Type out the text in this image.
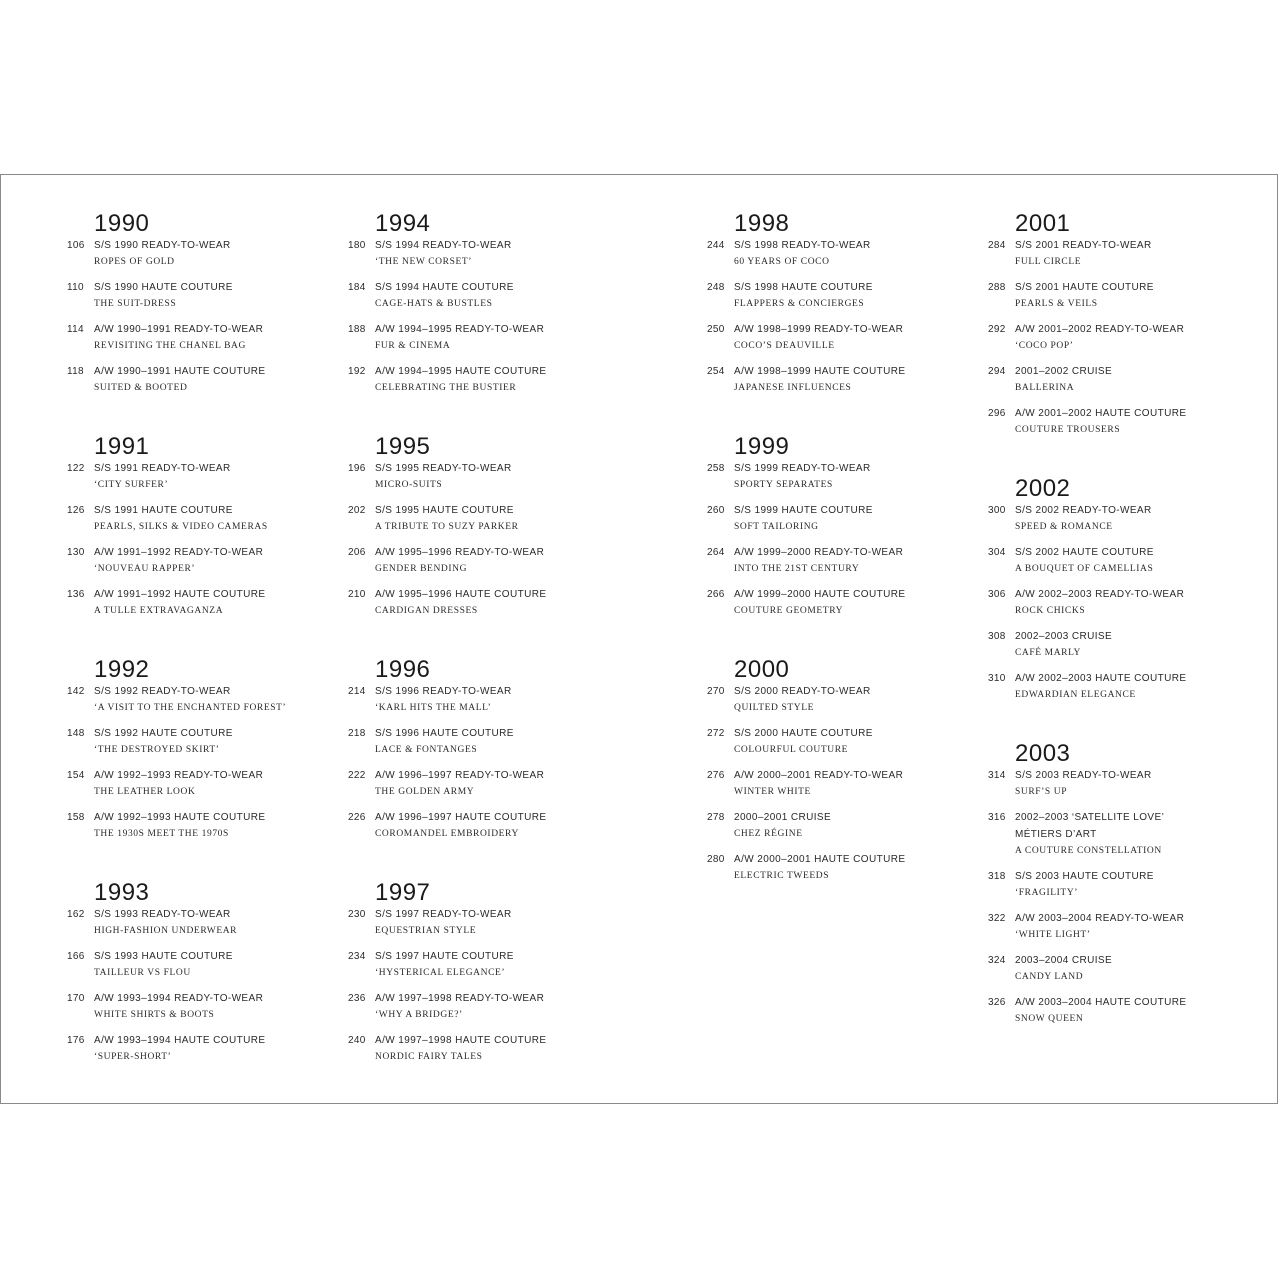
1990
106 S/S 1990 READY-TO-WEAR
ROPES OF GOLD
110	S/S 1990 HAUTE COUTURE
THE SUIT-DRESS
114	A/W 1990–1991 READY-TO-WEAR
REVISITING THE CHANEL BAG
118	A/W 1990–1991 HAUTE COUTURE
SUITED & BOOTED
1991
122 S/S 1991 READY-TO-WEAR
‘CITY SURFER’
126 S/S 1991 HAUTE COUTURE
PEARLS, SILKS & VIDEO CAMERAS
130 A/W 1991–1992 READY-TO-WEAR
‘NOUVEAU RAPPER’
136 A/W 1991–1992 HAUTE COUTURE
A TULLE EXTRAVAGANZA
1992
142 S/S 1992 READY-TO-WEAR
‘A VISIT TO THE ENCHANTED FOREST’
148 S/S 1992 HAUTE COUTURE
‘THE DESTROYED SKIRT’
154 A/W 1992–1993 READY-TO-WEAR
THE LEATHER LOOK
158 A/W 1992–1993 HAUTE COUTURE
THE 1930S MEET THE 1970S
1993
162 S/S 1993 READY-TO-WEAR
HIGH-FASHION UNDERWEAR
166 S/S 1993 HAUTE COUTURE
TAILLEUR VS FLOU
170 A/W 1993–1994 READY-TO-WEAR
WHITE SHIRTS & BOOTS
176 A/W 1993–1994 HAUTE COUTURE
‘SUPER-SHORT’
1994
180 S/S 1994 READY-TO-WEAR
‘THE NEW CORSET’
184 S/S 1994 HAUTE COUTURE
CAGE-HATS & BUSTLES
188 A/W 1994–1995 READY-TO-WEAR
FUR & CINEMA
192 A/W 1994–1995 HAUTE COUTURE
CELEBRATING THE BUSTIER
1995
196 S/S 1995 READY-TO-WEAR
MICRO-SUITS
202 S/S 1995 HAUTE COUTURE
A TRIBUTE TO SUZY PARKER
206 A/W 1995–1996 READY-TO-WEAR
GENDER BENDING
210 A/W 1995–1996 HAUTE COUTURE
CARDIGAN DRESSES
1996
214 S/S 1996 READY-TO-WEAR
‘KARL HITS THE MALL’
218 S/S 1996 HAUTE COUTURE
LACE & FONTANGES
222 A/W 1996–1997 READY-TO-WEAR
THE GOLDEN ARMY
226 A/W 1996–1997 HAUTE COUTURE
COROMANDEL EMBROIDERY
1997
230 S/S 1997 READY-TO-WEAR
EQUESTRIAN STYLE
234 S/S 1997 HAUTE COUTURE
‘HYSTERICAL ELEGANCE’
236 A/W 1997–1998 READY-TO-WEAR
‘WHY A BRIDGE?’
240 A/W 1997–1998 HAUTE COUTURE
NORDIC FAIRY TALES
1998
244 S/S 1998 READY-TO-WEAR
60 YEARS OF COCO
248 S/S 1998 HAUTE COUTURE
FLAPPERS & CONCIERGES
250 A/W 1998–1999 READY-TO-WEAR
COCO’S DEAUVILLE
254 A/W 1998–1999 HAUTE COUTURE
JAPANESE INFLUENCES
1999
258 S/S 1999 READY-TO-WEAR
SPORTY SEPARATES
260 S/S 1999 HAUTE COUTURE
SOFT TAILORING
264 A/W 1999–2000 READY-TO-WEAR
INTO THE 21ST CENTURY
266 A/W 1999–2000 HAUTE COUTURE
COUTURE GEOMETRY
2000
270 S/S 2000 READY-TO-WEAR
QUILTED STYLE
272 S/S 2000 HAUTE COUTURE
COLOURFUL COUTURE
276 A/W 2000–2001 READY-TO-WEAR
WINTER WHITE
278 2000–2001 CRUISE
CHEZ RÉGINE
280 A/W 2000–2001 HAUTE COUTURE
ELECTRIC TWEEDS
2001
284 S/S 2001 READY-TO-WEAR
FULL CIRCLE
288 S/S 2001 HAUTE COUTURE
PEARLS & VEILS
292 A/W 2001–2002 READY-TO-WEAR
‘COCO POP’
294 2001–2002 CRUISE
BALLERINA
296 A/W 2001–2002 HAUTE COUTURE
COUTURE TROUSERS
2002
300 S/S 2002 READY-TO-WEAR
SPEED & ROMANCE
304 S/S 2002 HAUTE COUTURE
A BOUQUET OF CAMELLIAS
306 A/W 2002–2003 READY-TO-WEAR
ROCK CHICKS
308 2002–2003 CRUISE
CAFÉ MARLY
310 A/W 2002–2003 HAUTE COUTURE
EDWARDIAN ELEGANCE
2003
314 S/S 2003 READY-TO-WEAR
SURF’S UP
316 2002–2003 ‘SATELLITE LOVE’
MÉTIERS D’ART
A COUTURE CONSTELLATION
318 S/S 2003 HAUTE COUTURE
‘FRAGILITY’
322 A/W 2003–2004 READY-TO-WEAR
‘WHITE LIGHT’
324 2003–2004 CRUISE
CANDY LAND
326 A/W 2003–2004 HAUTE COUTURE
SNOW QUEEN
